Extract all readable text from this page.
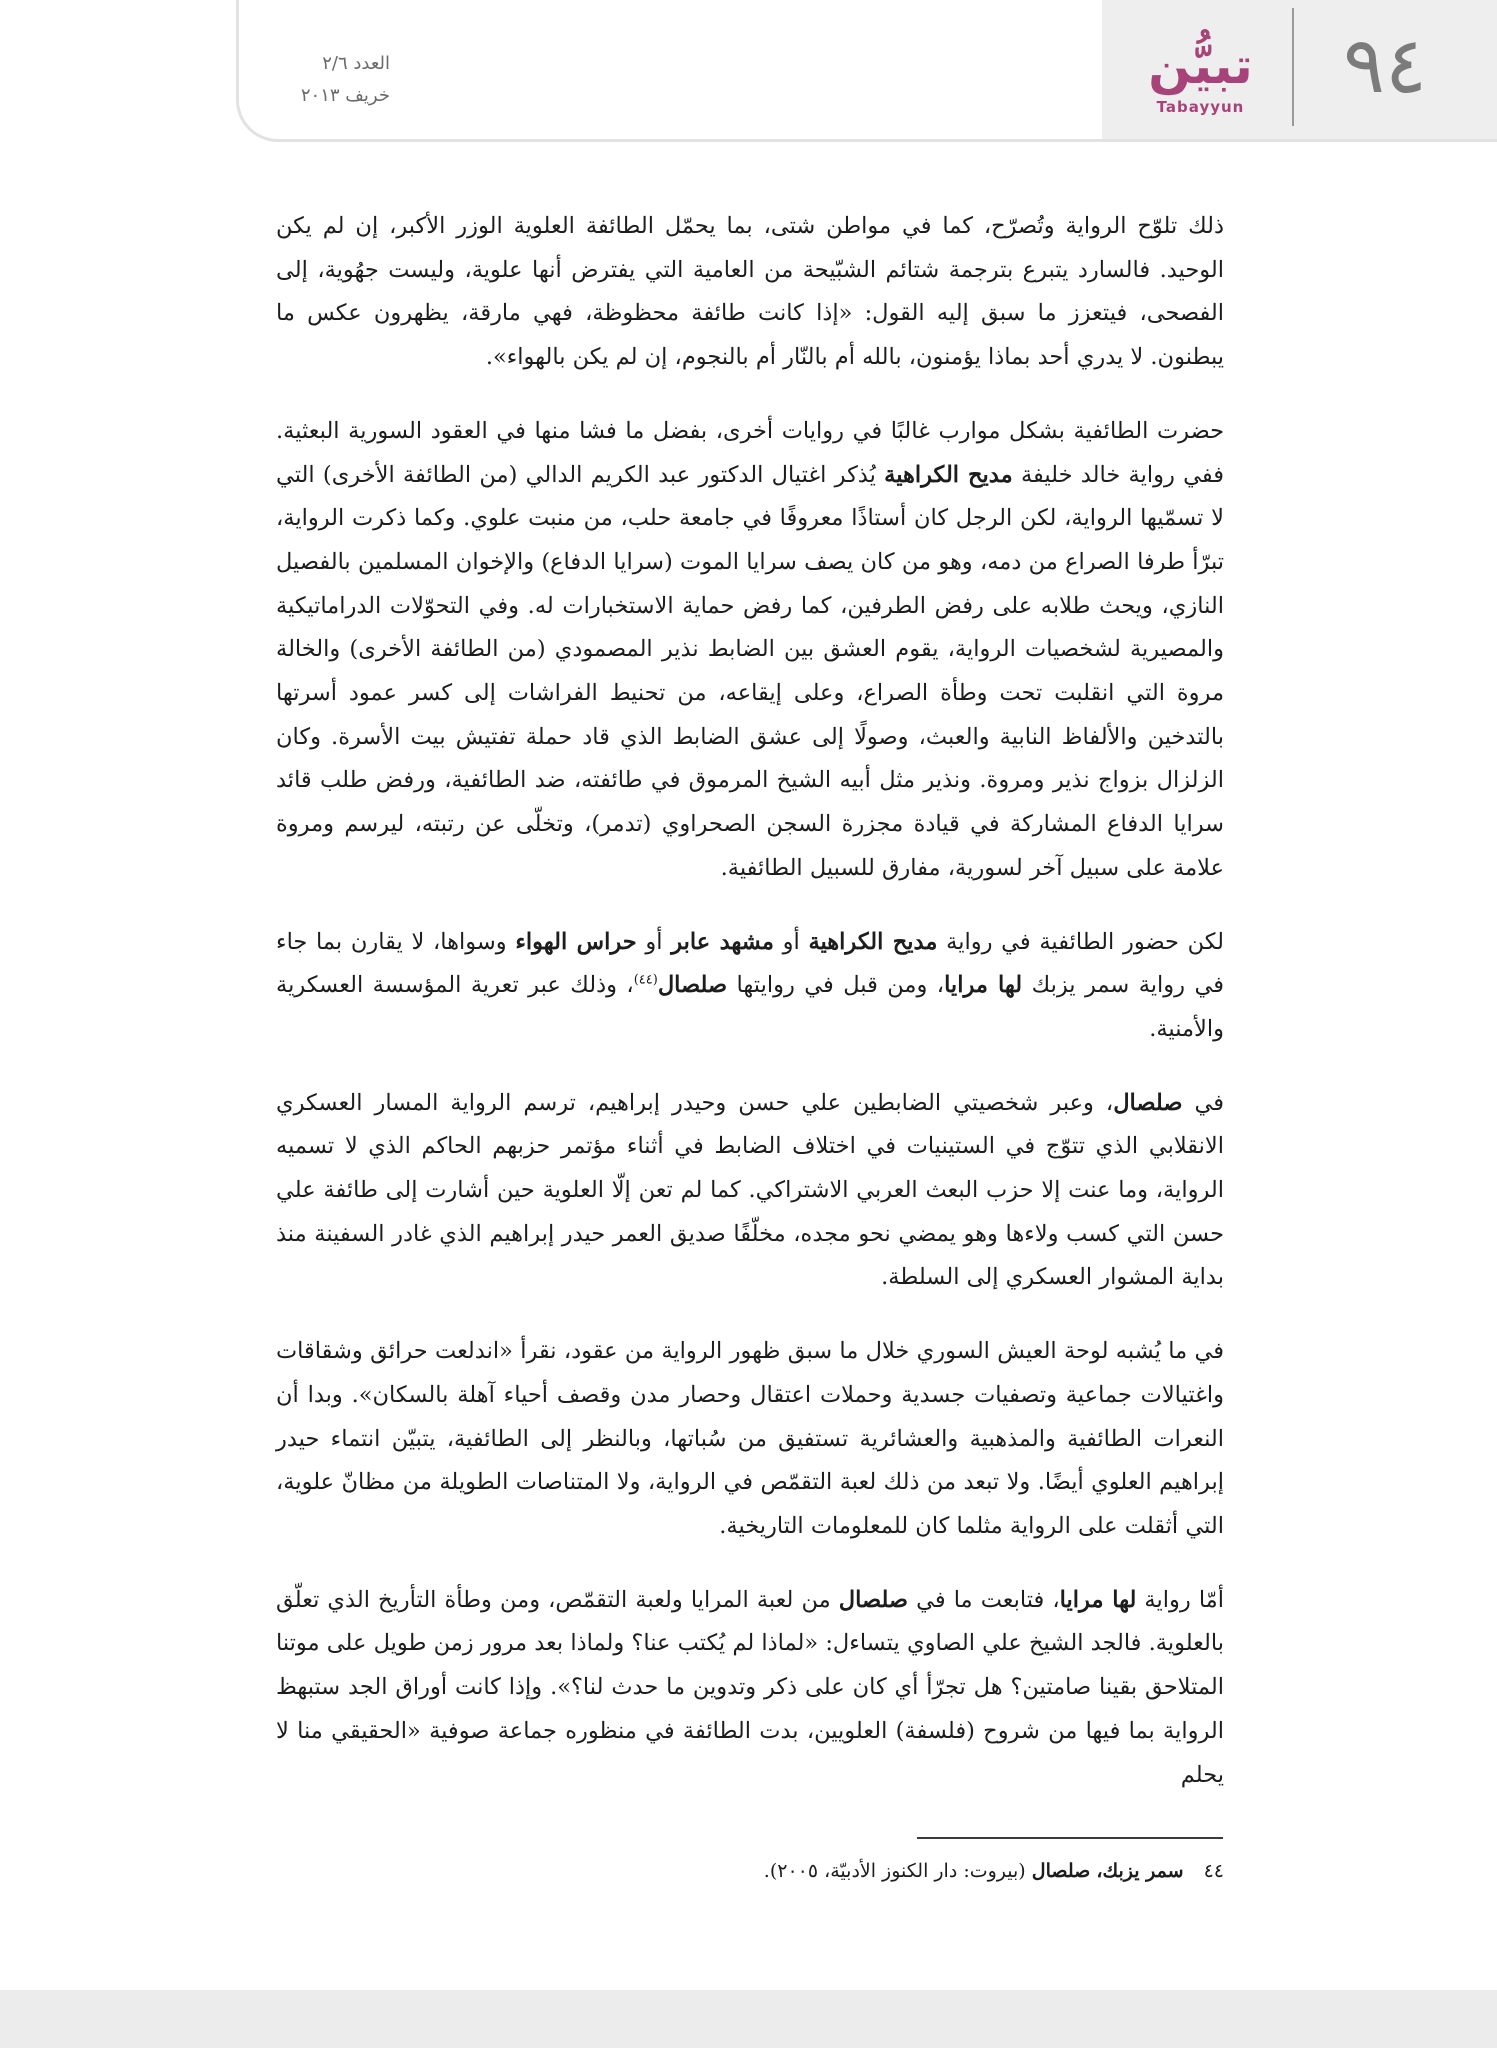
٩٤
تبيُّن
Tabayyun
العدد ٢/٦
خريف ٢٠١٣

ذلك تلوّح الرواية وتُصرّح، كما في مواطن شتى، بما يحمّل الطائفة العلوية الوزر الأكبر، إن لم يكن الوحيد. فالسارد يتبرع بترجمة شتائم الشبّيحة من العامية التي يفترض أنها علوية، وليست جهُوية، إلى الفصحى، فيتعزز ما سبق إليه القول: «إذا كانت طائفة محظوظة، فهي مارقة، يظهرون عكس ما يبطنون. لا يدري أحد بماذا يؤمنون، بالله أم بالنّار أم بالنجوم، إن لم يكن بالهواء».

حضرت الطائفية بشكل موارب غالبًا في روايات أخرى، بفضل ما فشا منها في العقود السورية البعثية. ففي رواية خالد خليفة مديح الكراهية يُذكر اغتيال الدكتور عبد الكريم الدالي (من الطائفة الأخرى) التي لا تسمّيها الرواية، لكن الرجل كان أستاذًا معروفًا في جامعة حلب، من منبت علوي. وكما ذكرت الرواية، تبرّأ طرفا الصراع من دمه، وهو من كان يصف سرايا الموت (سرايا الدفاع) والإخوان المسلمين بالفصيل النازي، ويحث طلابه على رفض الطرفين، كما رفض حماية الاستخبارات له. وفي التحوّلات الدراماتيكية والمصيرية لشخصيات الرواية، يقوم العشق بين الضابط نذير المصمودي (من الطائفة الأخرى) والخالة مروة التي انقلبت تحت وطأة الصراع، وعلى إيقاعه، من تحنيط الفراشات إلى كسر عمود أسرتها بالتدخين والألفاظ النابية والعبث، وصولًا إلى عشق الضابط الذي قاد حملة تفتيش بيت الأسرة. وكان الزلزال بزواج نذير ومروة. ونذير مثل أبيه الشيخ المرموق في طائفته، ضد الطائفية، ورفض طلب قائد سرايا الدفاع المشاركة في قيادة مجزرة السجن الصحراوي (تدمر)، وتخلّى عن رتبته، ليرسم ومروة علامة على سبيل آخر لسورية، مفارق للسبيل الطائفية.

لكن حضور الطائفية في رواية مديح الكراهية أو مشهد عابر أو حراس الهواء وسواها، لا يقارن بما جاء في رواية سمر يزبك لها مرايا، ومن قبل في روايتها صلصال$^{(٤٤)}$، وذلك عبر تعرية المؤسسة العسكرية والأمنية.

في صلصال، وعبر شخصيتي الضابطين علي حسن وحيدر إبراهيم، ترسم الرواية المسار العسكري الانقلابي الذي تتوّج في الستينيات في اختلاف الضابط في أثناء مؤتمر حزبهم الحاكم الذي لا تسميه الرواية، وما عنت إلا حزب البعث العربي الاشتراكي. كما لم تعن إلّا العلوية حين أشارت إلى طائفة علي حسن التي كسب ولاءها وهو يمضي نحو مجده، مخلّفًا صديق العمر حيدر إبراهيم الذي غادر السفينة منذ بداية المشوار العسكري إلى السلطة.

في ما يُشبه لوحة العيش السوري خلال ما سبق ظهور الرواية من عقود، نقرأ «اندلعت حرائق وشقاقات واغتيالات جماعية وتصفيات جسدية وحملات اعتقال وحصار مدن وقصف أحياء آهلة بالسكان». وبدا أن النعرات الطائفية والمذهبية والعشائرية تستفيق من سُباتها، وبالنظر إلى الطائفية، يتبيّن انتماء حيدر إبراهيم العلوي أيضًا. ولا تبعد من ذلك لعبة التقمّص في الرواية، ولا المتناصات الطويلة من مظانّ علوية، التي أثقلت على الرواية مثلما كان للمعلومات التاريخية.

أمّا رواية لها مرايا، فتابعت ما في صلصال من لعبة المرايا ولعبة التقمّص، ومن وطأة التأريخ الذي تعلّق بالعلوية. فالجد الشيخ علي الصاوي يتساءل: «لماذا لم يُكتب عنا؟ ولماذا بعد مرور زمن طويل على موتنا المتلاحق بقينا صامتين؟ هل تجرّأ أي كان على ذكر وتدوين ما حدث لنا؟». وإذا كانت أوراق الجد ستبهظ الرواية بما فيها من شروح (فلسفة) العلويين، بدت الطائفة في منظوره جماعة صوفية «الحقيقي منا لا يحلم

٤٤ سمر يزبك، صلصال (بيروت: دار الكنوز الأدبيّة، ٢٠٠٥).
